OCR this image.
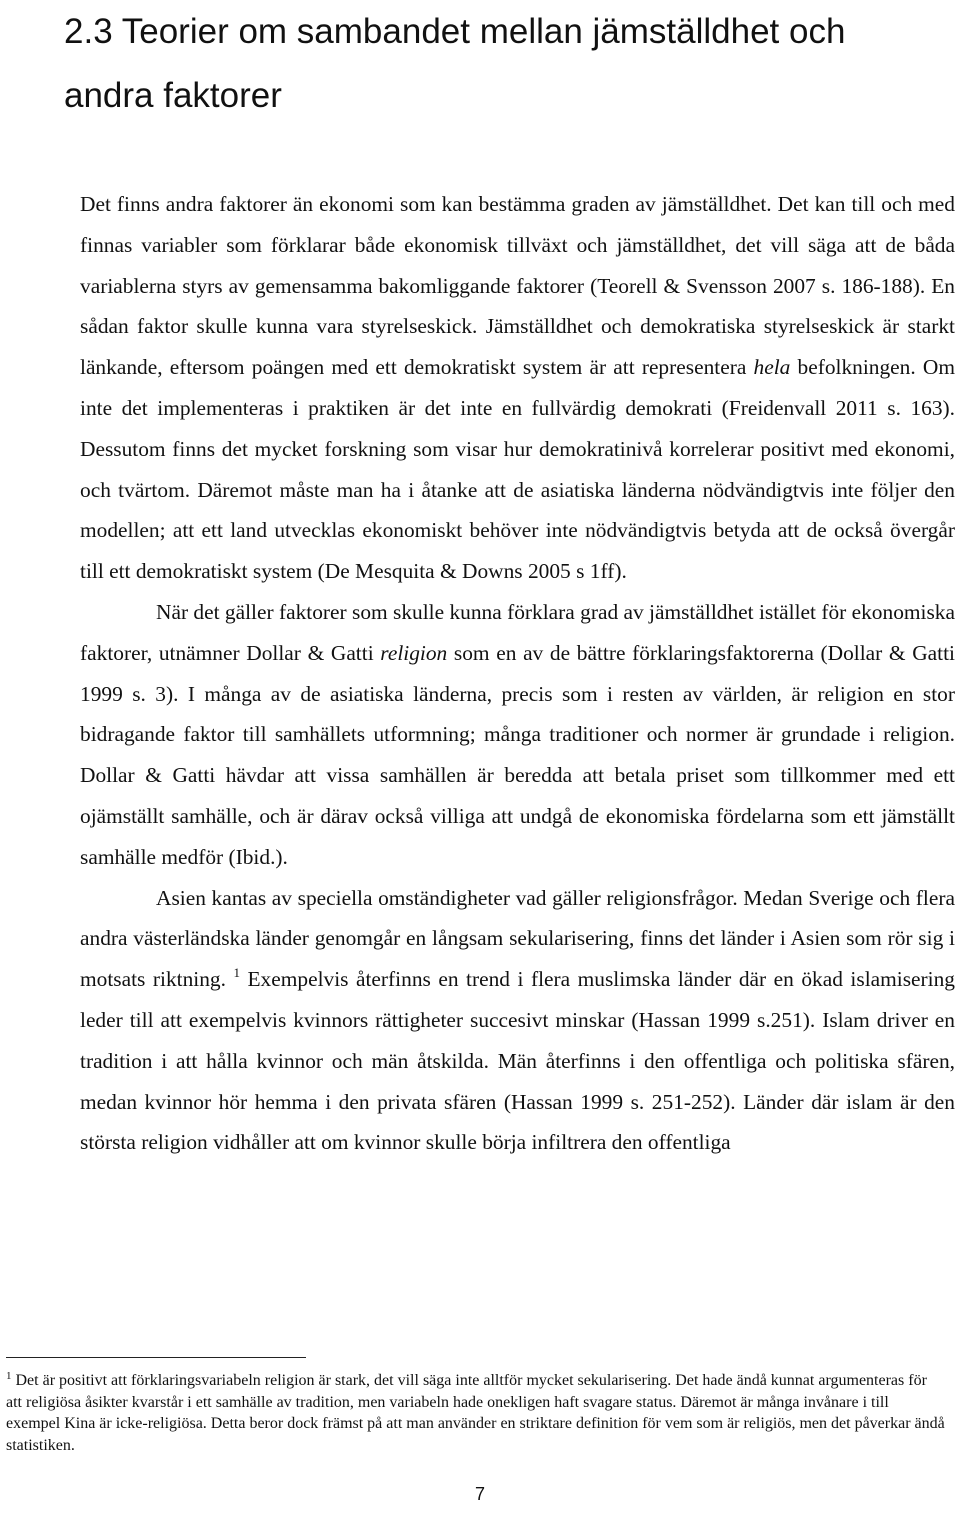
2.3 Teorier om sambandet mellan jämställdhet och andra faktorer

Det finns andra faktorer än ekonomi som kan bestämma graden av jämställdhet. Det kan till och med finnas variabler som förklarar både ekonomisk tillväxt och jämställdhet, det vill säga att de båda variablerna styrs av gemensamma bakomliggande faktorer (Teorell & Svensson 2007 s. 186-188). En sådan faktor skulle kunna vara styrelseskick. Jämställdhet och demokratiska styrelseskick är starkt länkande, eftersom poängen med ett demokratiskt system är att representera hela befolkningen. Om inte det implementeras i praktiken är det inte en fullvärdig demokrati (Freidenvall 2011 s. 163). Dessutom finns det mycket forskning som visar hur demokratinivå korrelerar positivt med ekonomi, och tvärtom. Däremot måste man ha i åtanke att de asiatiska länderna nödvändigtvis inte följer den modellen; att ett land utvecklas ekonomiskt behöver inte nödvändigtvis betyda att de också övergår till ett demokratiskt system (De Mesquita & Downs 2005 s 1ff).

När det gäller faktorer som skulle kunna förklara grad av jämställdhet istället för ekonomiska faktorer, utnämner Dollar & Gatti religion som en av de bättre förklaringsfaktorerna (Dollar & Gatti 1999 s. 3). I många av de asiatiska länderna, precis som i resten av världen, är religion en stor bidragande faktor till samhällets utformning; många traditioner och normer är grundade i religion. Dollar & Gatti hävdar att vissa samhällen är beredda att betala priset som tillkommer med ett ojämställt samhälle, och är därav också villiga att undgå de ekonomiska fördelarna som ett jämställt samhälle medför (Ibid.).

Asien kantas av speciella omständigheter vad gäller religionsfrågor. Medan Sverige och flera andra västerländska länder genomgår en långsam sekularisering, finns det länder i Asien som rör sig i motsats riktning. $^1$ Exempelvis återfinns en trend i flera muslimska länder där en ökad islamisering leder till att exempelvis kvinnors rättigheter succesivt minskar (Hassan 1999 s.251). Islam driver en tradition i att hålla kvinnor och män åtskilda. Män återfinns i den offentliga och politiska sfären, medan kvinnor hör hemma i den privata sfären (Hassan 1999 s. 251-252). Länder där islam är den största religion vidhåller att om kvinnor skulle börja infiltrera den offentliga

$^1$ Det är positivt att förklaringsvariabeln religion är stark, det vill säga inte alltför mycket sekularisering. Det hade ändå kunnat argumenteras för att religiösa åsikter kvarstår i ett samhälle av tradition, men variabeln hade onekligen haft svagare status. Däremot är många invånare i till exempel Kina är icke-religiösa. Detta beror dock främst på att man använder en striktare definition för vem som är religiös, men det påverkar ändå statistiken.

7
